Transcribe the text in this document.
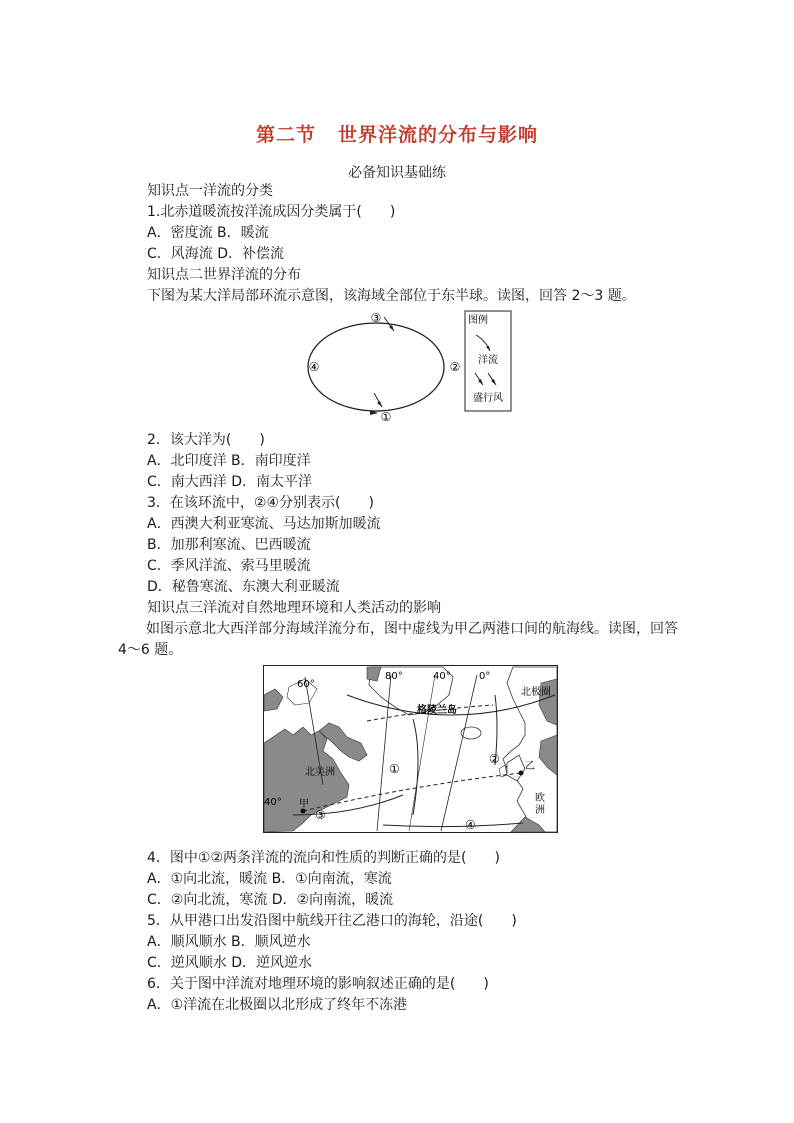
第二节 世界洋流的分布与影响
必备知识基础练
知识点一洋流的分类
1.北赤道暖流按洋流成因分类属于(　　)
A．密度流 B．暖流
C．风海流 D．补偿流
知识点二世界洋流的分布
下图为某大洋局部环流示意图，该海域全部位于东半球。读图，回答 2～3 题。
③
②
④
①
图例
洋流
盛行风
2．该大洋为(　　)
A．北印度洋 B．南印度洋
C．南大西洋 D．南太平洋
3．在该环流中，②④分别表示(　　)
A．西澳大利亚寒流、马达加斯加暖流
B．加那利寒流、巴西暖流
C．季风洋流、索马里暖流
D．秘鲁寒流、东澳大利亚暖流
知识点三洋流对自然地理环境和人类活动的影响
如图示意北大西洋部分海域洋流分布，图中虚线为甲乙两港口间的航海线。读图，回答
4～6 题。
60°
80°	40°	0°
北极圈
格陵兰岛
北美洲
欧
洲
40° 甲
乙
①
②
③
④
4．图中①②两条洋流的流向和性质的判断正确的是(　　)
A．①向北流，暖流 B．①向南流，寒流
C．②向北流，寒流 D．②向南流，暖流
5．从甲港口出发沿图中航线开往乙港口的海轮，沿途(　　)
A．顺风顺水 B．顺风逆水
C．逆风顺水 D．逆风逆水
6．关于图中洋流对地理环境的影响叙述正确的是(　　)
A．①洋流在北极圈以北形成了终年不冻港
